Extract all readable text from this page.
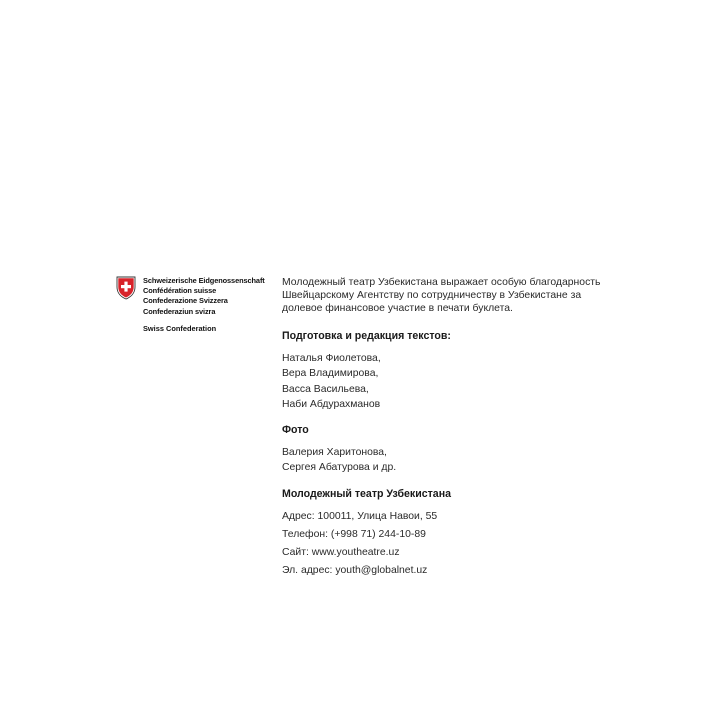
Schweizerische Eidgenossenschaft
Confédération suisse
Confederazione Svizzera
Confederaziun svizra
Swiss Confederation

Молодежный театр Узбекистана выражает особую благодарность Швейцарскому Агентству по сотрудничеству в Узбекистане за долевое финансовое участие в печати буклета.

Подготовка и редакция текстов:

Наталья Фиолетова,
Вера Владимирова,
Васса Васильева,
Наби Абдурахманов

Фото

Валерия Харитонова,
Сергея Абатурова и др.

Молодежный театр Узбекистана

Адрес: 100011, Улица Навои, 55
Телефон: (+998 71) 244-10-89
Сайт: www.youtheatre.uz
Эл. адрес: youth@globalnet.uz
